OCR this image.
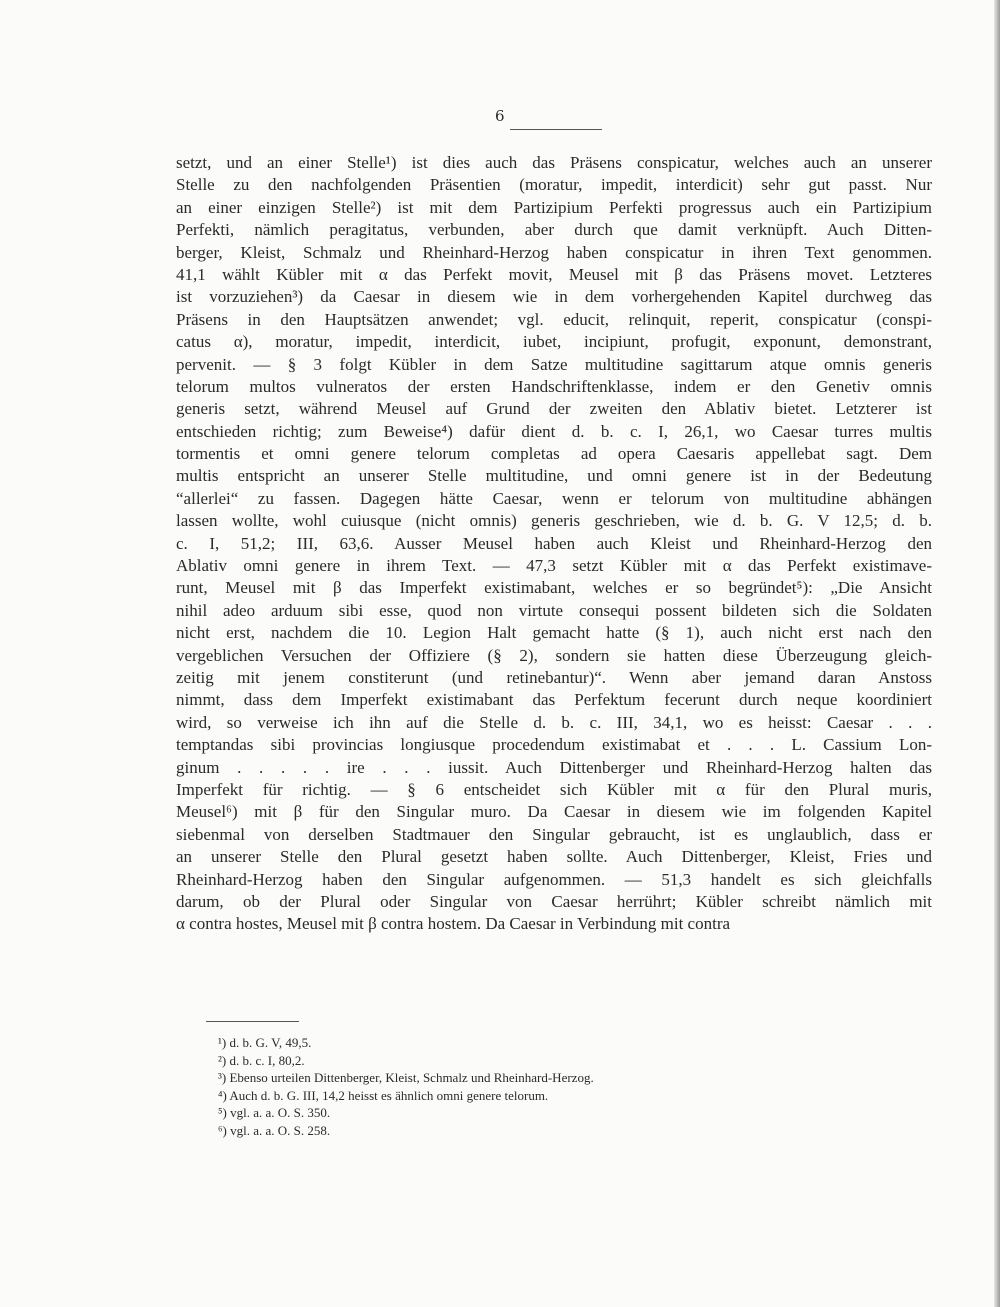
6
setzt, und an einer Stelle¹) ist dies auch das Präsens conspicatur, welches auch an unserer
Stelle zu den nachfolgenden Präsentien (moratur, impedit, interdicit) sehr gut passt. Nur
an einer einzigen Stelle²) ist mit dem Partizipium Perfekti progressus auch ein Partizipium
Perfekti, nämlich peragitatus, verbunden, aber durch que damit verknüpft. Auch Ditten-
berger, Kleist, Schmalz und Rheinhard-Herzog haben conspicatur in ihren Text genommen.
41,1 wählt Kübler mit α das Perfekt movit, Meusel mit β das Präsens movet. Letzteres
ist vorzuziehen³) da Caesar in diesem wie in dem vorhergehenden Kapitel durchweg das
Präsens in den Hauptsätzen anwendet; vgl. educit, relinquit, reperit, conspicatur (conspi-
catus α), moratur, impedit, interdicit, iubet, incipiunt, profugit, exponunt, demonstrant,
pervenit. — § 3 folgt Kübler in dem Satze multitudine sagittarum atque omnis generis
telorum multos vulneratos der ersten Handschriftenklasse, indem er den Genetiv omnis
generis setzt, während Meusel auf Grund der zweiten den Ablativ bietet. Letzterer ist
entschieden richtig; zum Beweise⁴) dafür dient d. b. c. I, 26,1, wo Caesar turres multis
tormentis et omni genere telorum completas ad opera Caesaris appellebat sagt. Dem
multis entspricht an unserer Stelle multitudine, und omni genere ist in der Bedeutung
“allerlei“ zu fassen. Dagegen hätte Caesar, wenn er telorum von multitudine abhängen
lassen wollte, wohl cuiusque (nicht omnis) generis geschrieben, wie d. b. G. V 12,5; d. b.
c. I, 51,2; III, 63,6. Ausser Meusel haben auch Kleist und Rheinhard-Herzog den
Ablativ omni genere in ihrem Text. — 47,3 setzt Kübler mit α das Perfekt existimave-
runt, Meusel mit β das Imperfekt existimabant, welches er so begründet⁵): „Die Ansicht
nihil adeo arduum sibi esse, quod non virtute consequi possent bildeten sich die Soldaten
nicht erst, nachdem die 10. Legion Halt gemacht hatte (§ 1), auch nicht erst nach den
vergeblichen Versuchen der Offiziere (§ 2), sondern sie hatten diese Überzeugung gleich-
zeitig mit jenem constiterunt (und retinebantur)“. Wenn aber jemand daran Anstoss
nimmt, dass dem Imperfekt existimabant das Perfektum fecerunt durch neque koordiniert
wird, so verweise ich ihn auf die Stelle d. b. c. III, 34,1, wo es heisst: Caesar . . .
temptandas sibi provincias longiusque procedendum existimabat et . . . L. Cassium Lon-
ginum . . . . . ire . . . iussit. Auch Dittenberger und Rheinhard-Herzog halten das
Imperfekt für richtig. — § 6 entscheidet sich Kübler mit α für den Plural muris,
Meusel⁶) mit β für den Singular muro. Da Caesar in diesem wie im folgenden Kapitel
siebenmal von derselben Stadtmauer den Singular gebraucht, ist es unglaublich, dass er
an unserer Stelle den Plural gesetzt haben sollte. Auch Dittenberger, Kleist, Fries und
Rheinhard-Herzog haben den Singular aufgenommen. — 51,3 handelt es sich gleichfalls
darum, ob der Plural oder Singular von Caesar herrührt; Kübler schreibt nämlich mit
α contra hostes, Meusel mit β contra hostem. Da Caesar in Verbindung mit contra
¹) d. b. G. V, 49,5.
²) d. b. c. I, 80,2.
³) Ebenso urteilen Dittenberger, Kleist, Schmalz und Rheinhard-Herzog.
⁴) Auch d. b. G. III, 14,2 heisst es ähnlich omni genere telorum.
⁵) vgl. a. a. O. S. 350.
⁶) vgl. a. a. O. S. 258.
